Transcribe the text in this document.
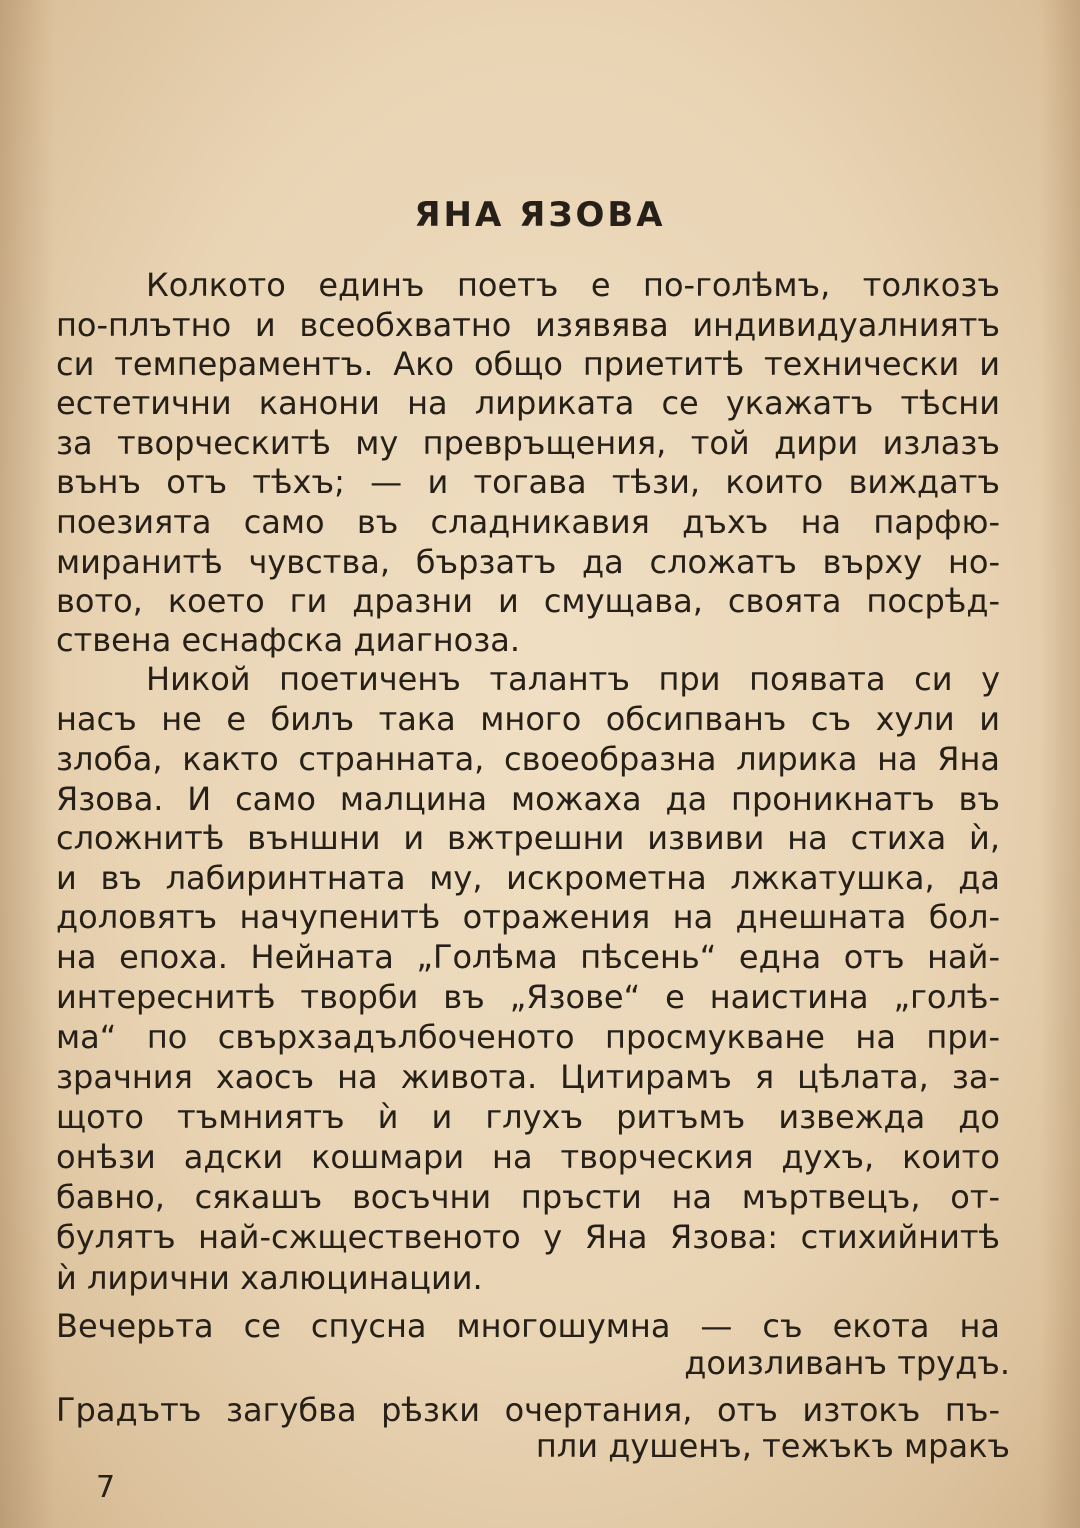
ЯНА ЯЗОВА
Колкото единъ поетъ е по-голѣмъ, толкозъ
по-плътно и всеобхватно изявява индивидуалниятъ
си темпераментъ. Ако общо приетитѣ технически и
естетични канони на лириката се укажатъ тѣсни
за творческитѣ му превръщения, той дири излазъ
вънъ отъ тѣхъ; — и тогава тѣзи, които виждатъ
поезията само въ сладникавия дъхъ на парфю-
миранитѣ чувства, бързатъ да сложатъ върху но-
вото, което ги дразни и смущава, своята посрѣд-
ствена еснафска диагноза.
Никой поетиченъ талантъ при появата си у
насъ не е билъ така много обсипванъ съ хули и
злоба, както странната, своеобразна лирика на Яна
Язова. И само малцина можаха да проникнатъ въ
сложнитѣ външни и вжтрешни извиви на стиха ѝ,
и въ лабиринтната му, искрометна лжкатушка, да
доловятъ начупенитѣ отражения на днешната бол-
на епоха. Нейната „Голѣма пѣсень“ една отъ най-
интереснитѣ творби въ „Язове“ е наистина „голѣ-
ма“ по свърхзадълбоченото просмукване на при-
зрачния хаосъ на живота. Цитирамъ я цѣлата, за-
щото тъмниятъ ѝ и глухъ ритъмъ извежда до
онѣзи адски кошмари на творческия духъ, които
бавно, сякашъ восъчни пръсти на мъртвецъ, от-
булятъ най-сжщественото у Яна Язова: стихийнитѣ
ѝ лирични халюцинации.
Вечерьта се спусна многошумна — съ екота на
доизливанъ трудъ.
Градътъ загубва рѣзки очертания, отъ изтокъ пъ-
пли душенъ, тежъкъ мракъ
7
